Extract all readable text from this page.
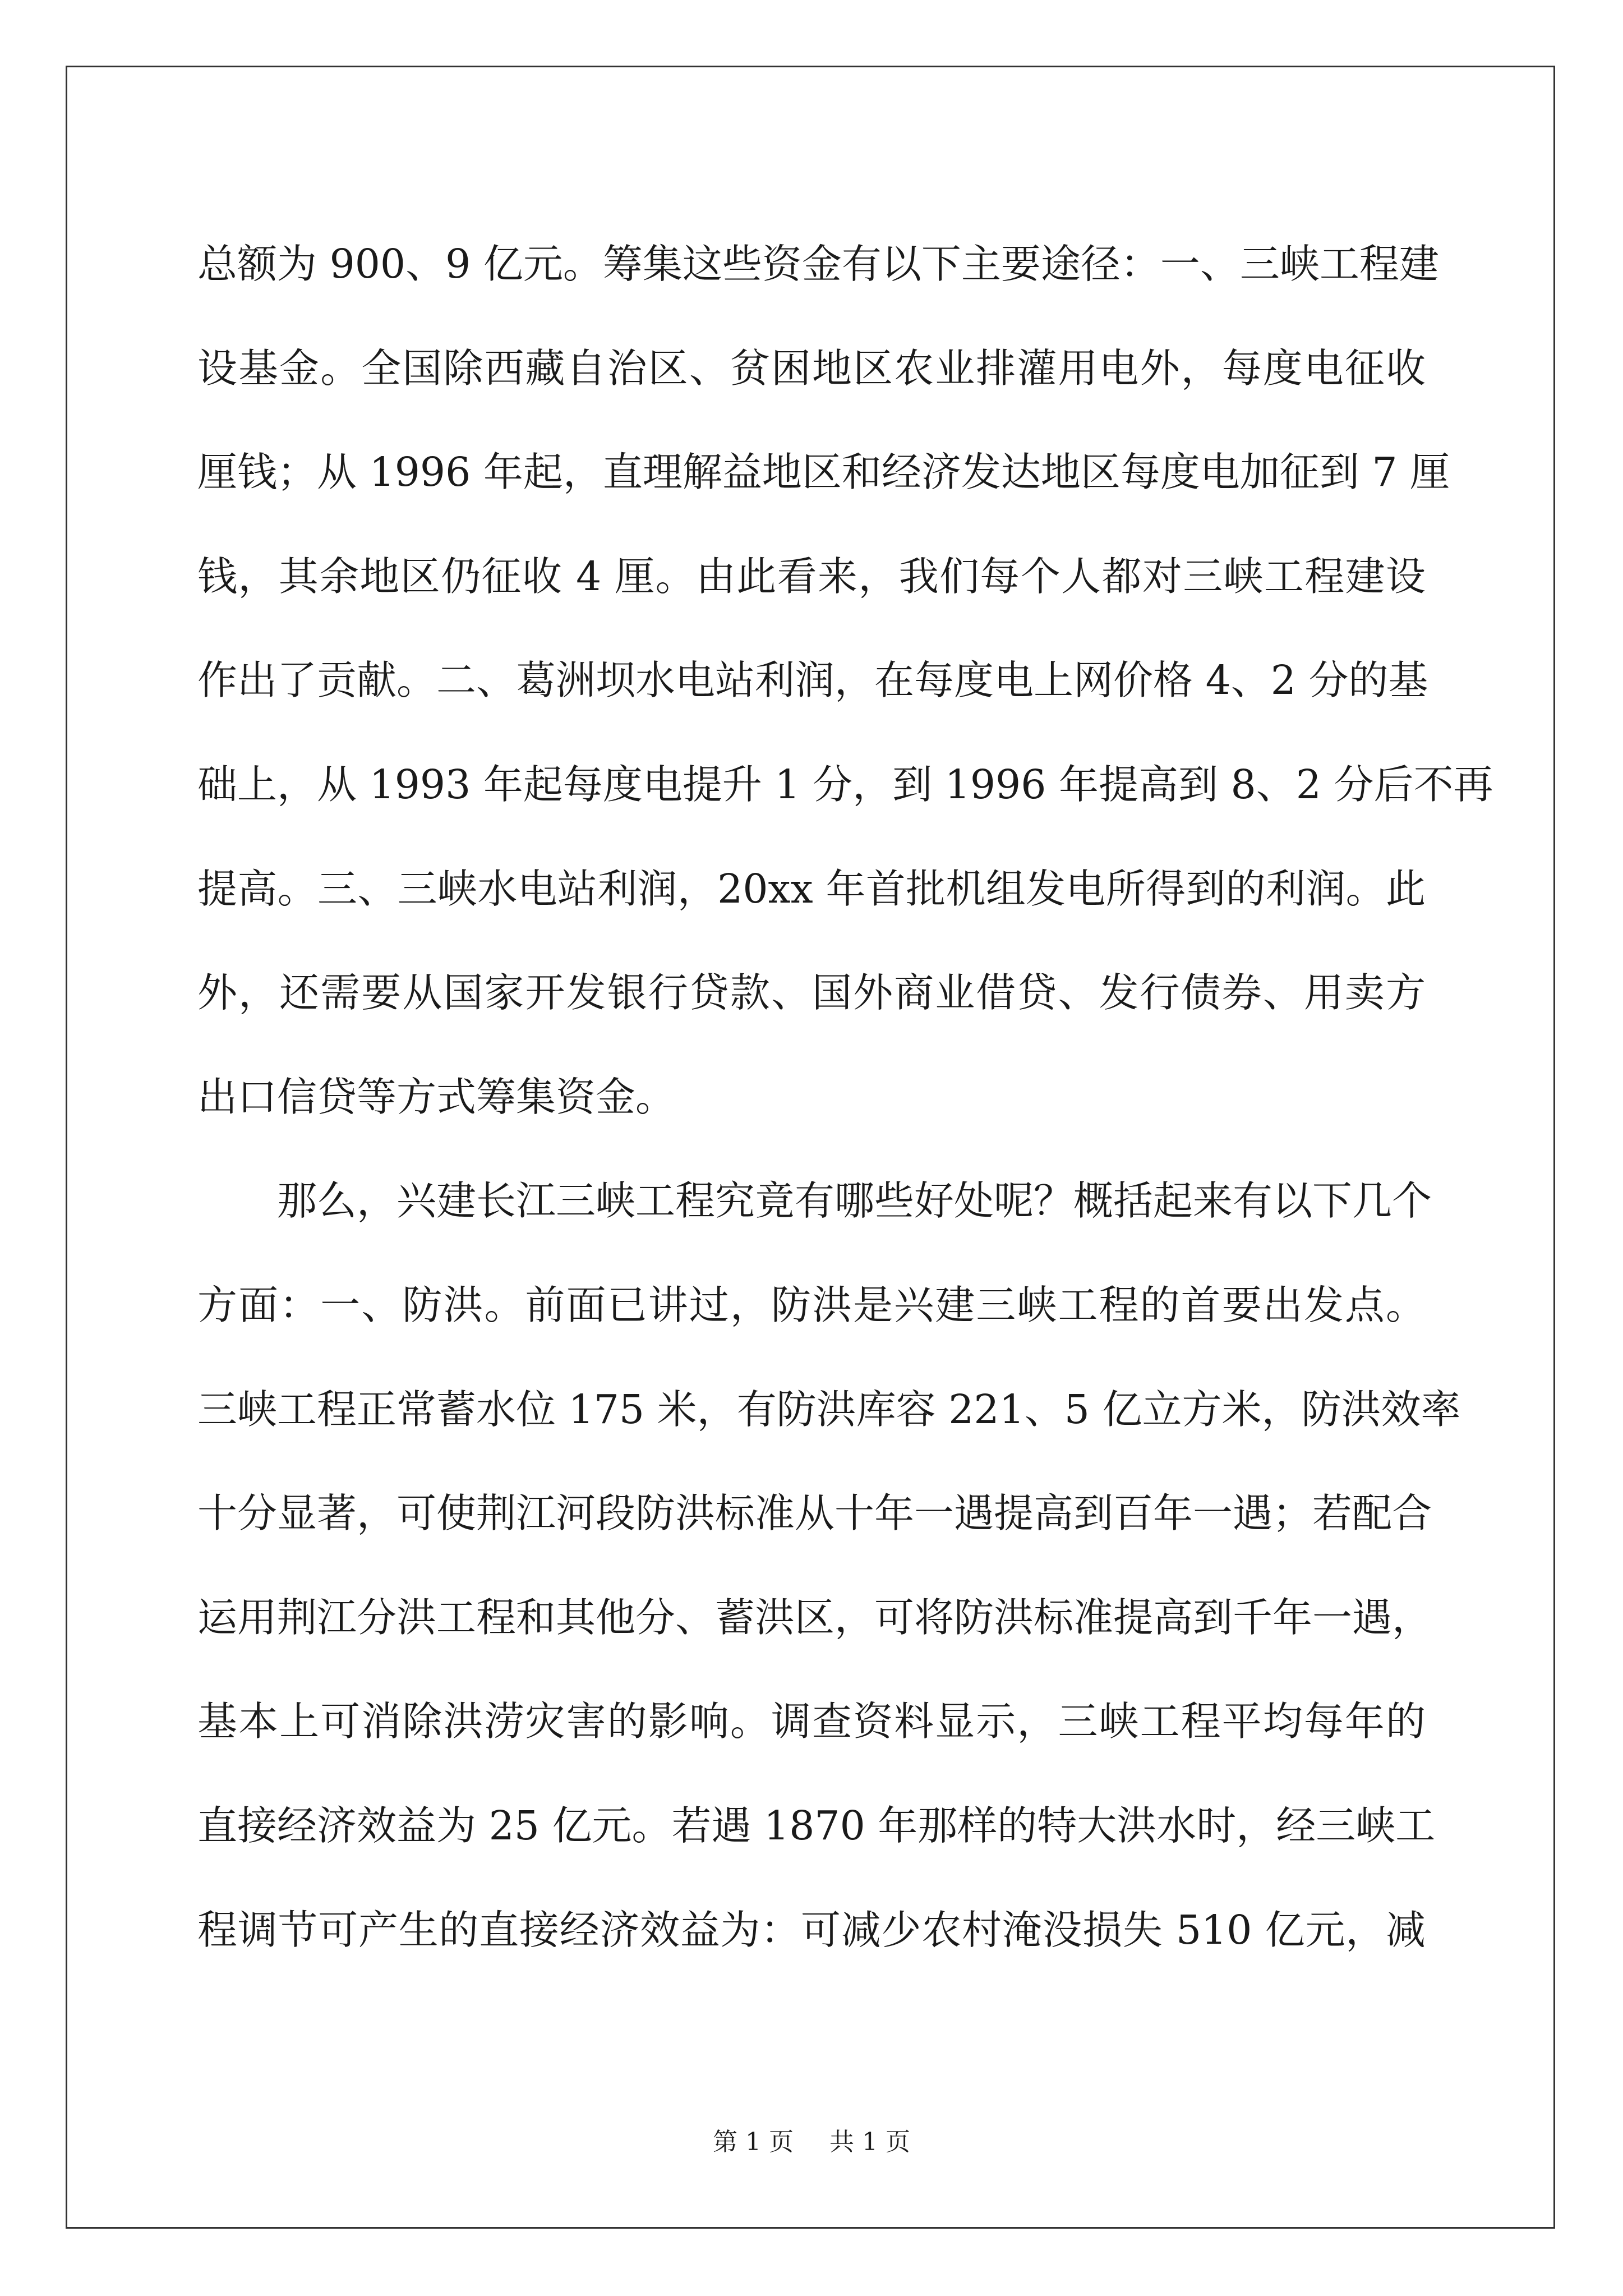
总额为 900、9 亿元。筹集这些资金有以下主要途径：一、三峡工程建
设基金。全国除西藏自治区、贫困地区农业排灌用电外，每度电征收
厘钱；从 1996 年起，直理解益地区和经济发达地区每度电加征到 7 厘
钱，其余地区仍征收 4 厘。由此看来，我们每个人都对三峡工程建设
作出了贡献。二、葛洲坝水电站利润，在每度电上网价格 4、2 分的基
础上，从 1993 年起每度电提升 1 分，到 1996 年提高到 8、2 分后不再
提高。三、三峡水电站利润，20xx 年首批机组发电所得到的利润。此
外，还需要从国家开发银行贷款、国外商业借贷、发行债券、用卖方
出口信贷等方式筹集资金。
那么，兴建长江三峡工程究竟有哪些好处呢？概括起来有以下几个
方面：一、防洪。前面已讲过，防洪是兴建三峡工程的首要出发点。
三峡工程正常蓄水位 175 米，有防洪库容 221、5 亿立方米，防洪效率
十分显著，可使荆江河段防洪标准从十年一遇提高到百年一遇；若配合
运用荆江分洪工程和其他分、蓄洪区，可将防洪标准提高到千年一遇，
基本上可消除洪涝灾害的影响。调查资料显示，三峡工程平均每年的
直接经济效益为 25 亿元。若遇 1870 年那样的特大洪水时，经三峡工
程调节可产生的直接经济效益为：可减少农村淹没损失 510 亿元，减
第 1 页 共 1 页
